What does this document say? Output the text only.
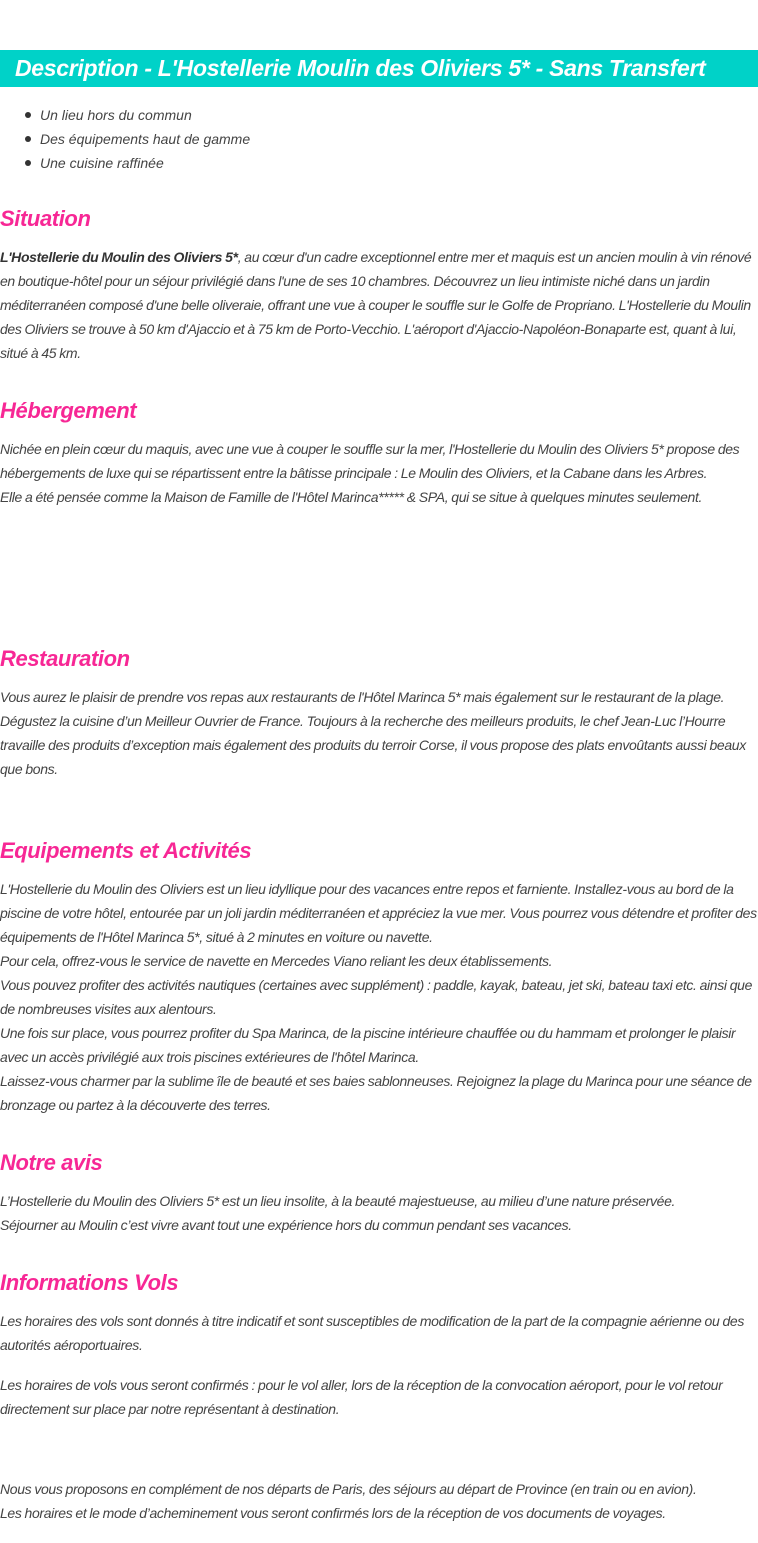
Description - L'Hostellerie Moulin des Oliviers 5* - Sans Transfert
Un lieu hors du commun
Des équipements haut de gamme
Une cuisine raffinée
Situation

L'Hostellerie du Moulin des Oliviers 5*, au cœur d'un cadre exceptionnel entre mer et maquis est un ancien moulin à vin rénové en boutique-hôtel pour un séjour privilégié dans l'une de ses 10 chambres. Découvrez un lieu intimiste niché dans un jardin méditerranéen composé d'une belle oliveraie, offrant une vue à couper le souffle sur le Golfe de Propriano. L'Hostellerie du Moulin des Oliviers se trouve à 50 km d'Ajaccio et à 75 km de Porto-Vecchio. L'aéroport d'Ajaccio-Napoléon-Bonaparte est, quant à lui, situé à 45 km.

Hébergement

Nichée en plein cœur du maquis, avec une vue à couper le souffle sur la mer, l'Hostellerie du Moulin des Oliviers 5* propose des hébergements de luxe qui se répartissent entre la bâtisse principale : Le Moulin des Oliviers, et la Cabane dans les Arbres.

Elle a été pensée comme la Maison de Famille de l'Hôtel Marinca***** & SPA, qui se situe à quelques minutes seulement.

Restauration

Vous aurez le plaisir de prendre vos repas aux restaurants de l'Hôtel Marinca 5* mais également sur le restaurant de la plage.

Dégustez la cuisine d’un Meilleur Ouvrier de France. Toujours à la recherche des meilleurs produits, le chef Jean-Luc l’Hourre travaille des produits d’exception mais également des produits du terroir Corse, il vous propose des plats envoûtants aussi beaux que bons.

Equipements et Activités

L'Hostellerie du Moulin des Oliviers est un lieu idyllique pour des vacances entre repos et farniente. Installez-vous au bord de la piscine de votre hôtel, entourée par un joli jardin méditerranéen et appréciez la vue mer. Vous pourrez vous détendre et profiter des équipements de l'Hôtel Marinca 5*, situé à 2 minutes en voiture ou navette.

Pour cela, offrez-vous le service de navette en Mercedes Viano reliant les deux établissements.

Vous pouvez profiter des activités nautiques (certaines avec supplément) : paddle, kayak, bateau, jet ski, bateau taxi etc. ainsi que de nombreuses visites aux alentours.

Une fois sur place, vous pourrez profiter du Spa Marinca, de la piscine intérieure chauffée ou du hammam et prolonger le plaisir avec un accès privilégié aux trois piscines extérieures de l'hôtel Marinca.

Laissez-vous charmer par la sublime île de beauté et ses baies sablonneuses. Rejoignez la plage du Marinca pour une séance de bronzage ou partez à la découverte des terres.

Notre avis

L’Hostellerie du Moulin des Oliviers 5* est un lieu insolite, à la beauté majestueuse, au milieu d’une nature préservée.

Séjourner au Moulin c’est vivre avant tout une expérience hors du commun pendant ses vacances.

Informations Vols

Les horaires des vols sont donnés à titre indicatif et sont susceptibles de modification de la part de la compagnie aérienne ou des autorités aéroportuaires.

Les horaires de vols vous seront confirmés : pour le vol aller, lors de la réception de la convocation aéroport, pour le vol retour directement sur place par notre représentant à destination.

Nous vous proposons en complément de nos départs de Paris, des séjours au départ de Province (en train ou en avion).

Les horaires et le mode d’acheminement vous seront confirmés lors de la réception de vos documents de voyages.
